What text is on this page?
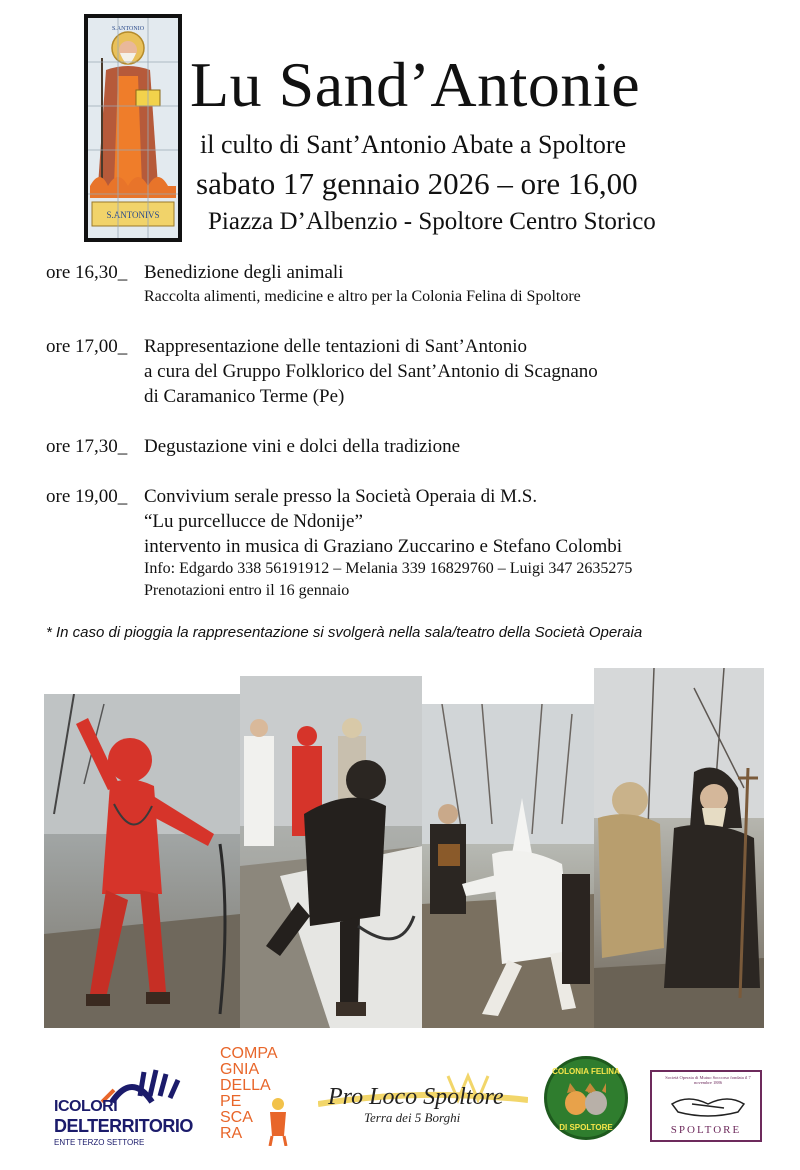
S.ANTONIVS
S.ANTONIO
Lu Sand’Antonie
il culto di Sant’Antonio Abate a Spoltore
sabato 17 gennaio 2026 – ore 16,00
Piazza D’Albenzio - Spoltore Centro Storico
ore 16,30_ Benedizione degli animali
Raccolta alimenti, medicine e altro per la Colonia Felina di Spoltore
ore 17,00_ Rappresentazione delle tentazioni di Sant’Antonio
a cura del Gruppo Folklorico del Sant’Antonio di Scagnano
di Caramanico Terme (Pe)
ore 17,30_ Degustazione vini e dolci della tradizione
ore 19,00_ Convivium serale presso la Società Operaia di M.S.
“Lu purcellucce de Ndonije”
intervento in musica di Graziano Zuccarino e Stefano Colombi
Info: Edgardo 338 56191912 – Melania 339 16829760 – Luigi 347 2635275
Prenotazioni entro il 16 gennaio
* In caso di pioggia la rappresentazione si svolgerà nella sala/teatro della Società Operaia
ICOLORI
DELTERRITORIO
ENTE TERZO SETTORE
COMPA
GNIA
DELLA
PE
SCA
RA
Pro Loco Spoltore
Terra dei 5 Borghi
COLONIA FELINA
DI SPOLTORE
Società Operaia di Mutuo Soccorso fondata il 7 novembre 1886
SPOLTORE
